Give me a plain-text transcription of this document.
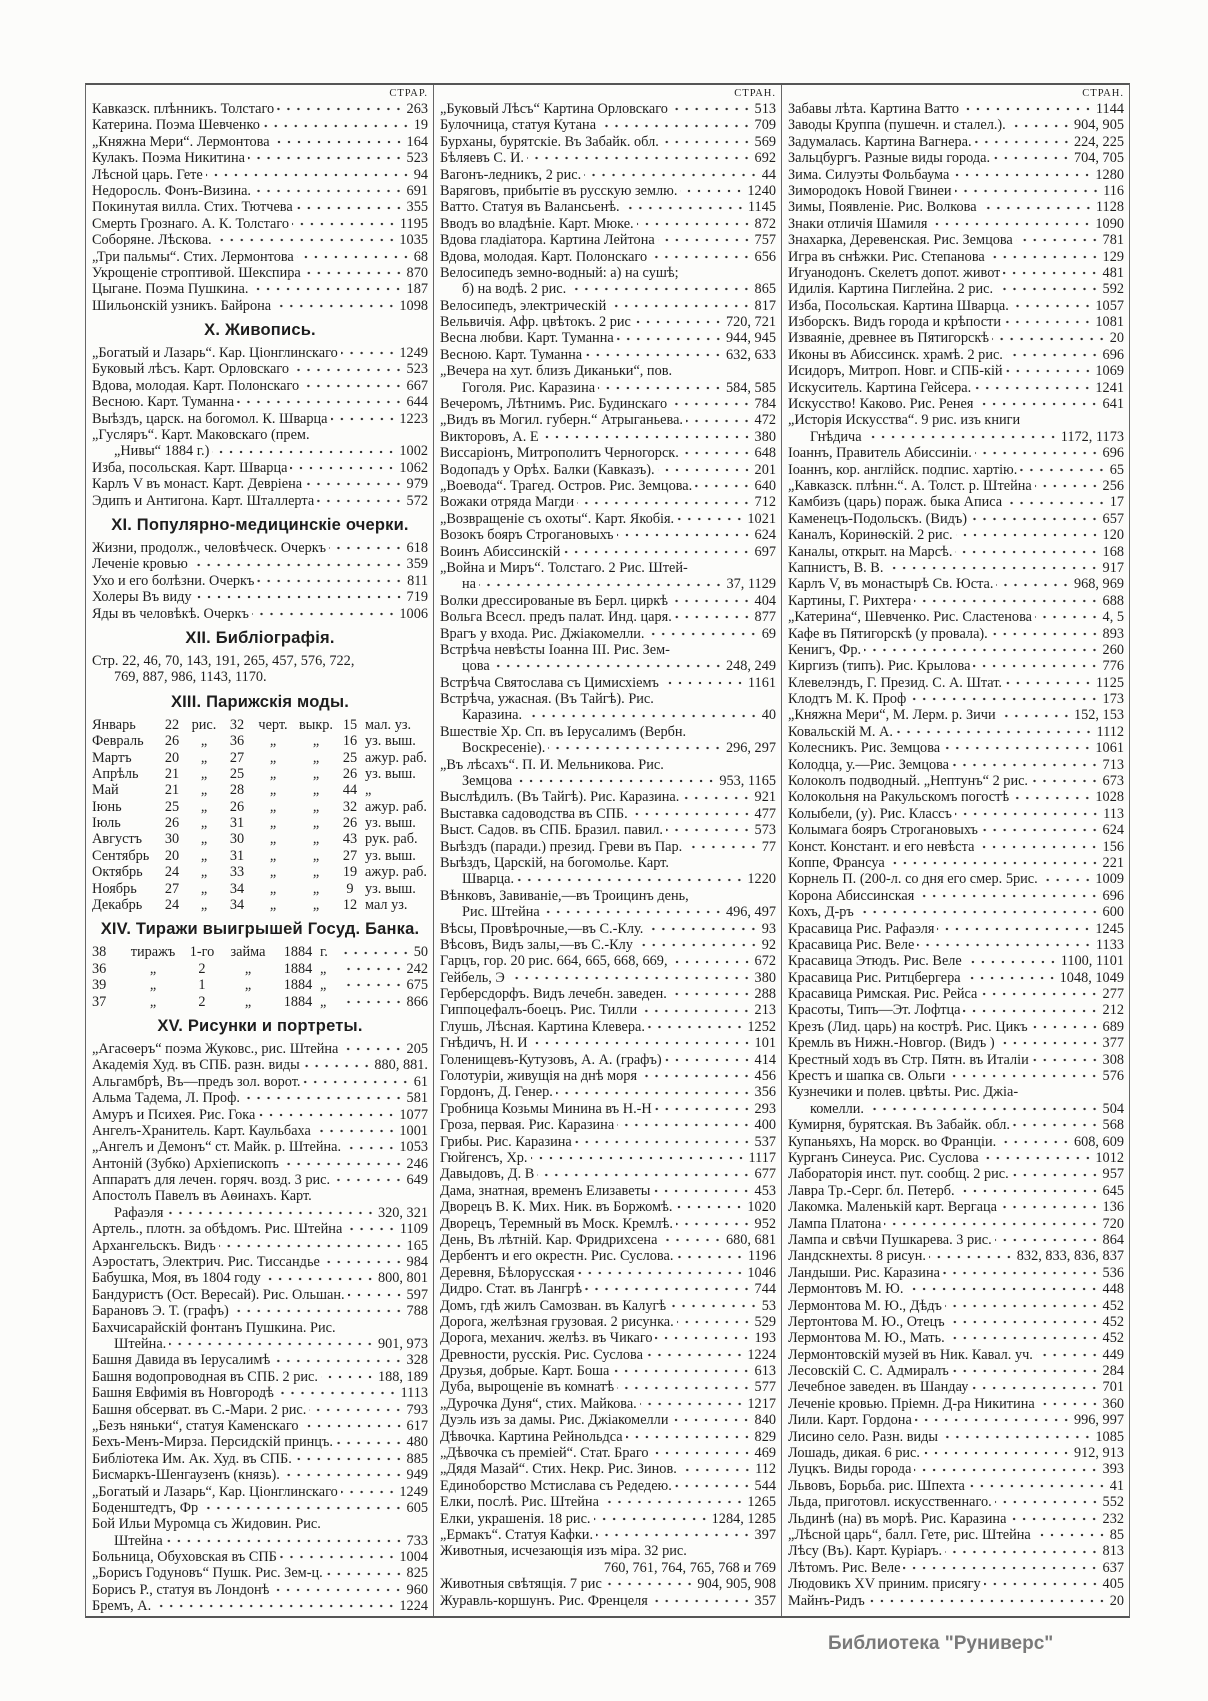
СТРАР.
Кавказск. плѣнникъ. Толстаго	263
Катерина. Поэма Шевченко	19
„Княжна Мери“. Лермонтова	164
Кулакъ. Поэма Никитина	523
Лѣсной царь. Гете	94
Недоросль. Фонъ-Визина.	691
Покинутая вилла. Стих. Тютчева	355
Смерть Грознаго. А. К. Толстаго	1195
Соборяне. Лѣскова.	1035
„Три пальмы“. Стих. Лермонтова	68
Укрощеніе строптивой. Шекспира	870
Цыгане. Поэма Пушкина.	187
Шильонскій узникъ. Байрона	1098
X. Живопись.
„Богатый и Лазарь“. Кар. Ціонглинскаго	1249
Буковый лѣсъ. Карт. Орловскаго	523
Вдова, молодая. Карт. Полонскаго	667
Весною. Карт. Туманна	644
Выѣздъ, царск. на богомол. К. Шварца	1223
„Гусляръ“. Карт. Маковскаго (прем.
„Нивы“ 1884 г.)	1002
Изба, посольская. Карт. Шварца	1062
Карлъ V въ монаст. Карт. Девріена	979
Эдипъ и Антигона. Карт. Шталлерта	572
XI. Популярно-медицинскіе очерки.
Жизни, продолж., человѣческ. Очеркъ	618
Леченіе кровью	359
Ухо и его болѣзни. Очеркъ	811
Холеры Въ виду	719
Яды въ человѣкѣ. Очеркъ	1006
XII. Библіографія.
Стр. 22, 46, 70, 143, 191, 265, 457, 576, 722,
769, 887, 986, 1143, 1170.
XIII. Парижскія моды.
Январь	22 рис. 32 черт. выкр. 15 мал. уз.
Февраль	26	„	36	„	„	16 уз. выш.
Мартъ	20	„	27	„	„	25 ажур. раб.
Апрѣль	21	„	25	„	„	26 уз. выш.
Май	21	„	28	„	„	44 „
Іюнь	25	„	26	„	„	32 ажур. раб.
Іюль	26	„	31	„	„	26 уз. выш.
Августъ	30	„	30	„	„	43 рук. раб.
Сентябрь	20	„	31	„	„	27 уз. выш.
Октябрь	24	„	33	„	„	19 ажур. раб.
Ноябрь	27	„	34	„	„	9 уз. выш.
Декабрь	24	„	34	„	„	12 мал уз.
XIV. Тиражи выигрышей Госуд. Банка.
38	тиражъ	1-го	займа	1884 г.	50
36	„	2	„	1884 „	242
39	„	1	„	1884 „	675
37	„	2	„	1884 „	866
XV. Рисунки и портреты.
„Агасѳеръ“ поэма Жуковс., рис. Штейна	205
Академія Худ. въ СПБ. разн. виды	880, 881.
Альгамбрѣ, Въ—предъ зол. ворот.	61
Альма Тадема, Л. Проф.	581
Амуръ и Психея. Рис. Гока	1077
Ангелъ-Хранитель. Карт. Каульбаха	1001
„Ангелъ и Демонъ“ ст. Майк. р. Штейна.	1053
Антоній (Зубко) Архіепископъ	246
Аппаратъ для лечен. горяч. возд. 3 рис.	649
Апостолъ Павелъ въ Аѳинахъ. Карт.
Рафаэля	320, 321
Артель., плотн. за обѣдомъ. Рис. Штейна	1109
Архангельскъ. Видъ	165
Аэростатъ, Электрич. Рис. Тиссандье	984
Бабушка, Моя, въ 1804 году	800, 801
Бандуристъ (Ост. Вересай). Рис. Ольшан.	597
Барановъ Э. Т. (графъ)	788
Бахчисарайскій фонтанъ Пушкина. Рис.
Штейна.	901, 973
Башня Давида въ Іерусалимѣ	328
Башня водопроводная въ СПБ. 2 рис.	188, 189
Башня Евфимія въ Новгородѣ	1113
Башня обсерват. въ С.-Мари. 2 рис.	793
„Безъ няньки“, статуя Каменскаго	617
Бехъ-Менъ-Мирза. Персидскій принцъ.	480
Библіотека Им. Ак. Худ. въ СПБ.	885
Бисмаркъ-Шенгаузенъ (князь).	949
„Богатый и Лазарь“, Кар. Ціонглинскаго	1249
Боденштедтъ, Фр	605
Бой Ильи Муромца съ Жидовин. Рис.
Штейна	733
Больница, Обуховская въ СПБ	1004
„Борисъ Годуновъ“ Пушк. Рис. Зем-ц.	825
Борисъ Р., статуя въ Лондонѣ	960
Бремъ, А.	1224
СТРАН.
„Буковый Лѣсъ“ Картина Орловскаго	513
Булочница, статуя Кутана	709
Бурханы, бурятскіе. Въ Забайк. обл.	569
Бѣляевъ С. И.	692
Вагонъ-ледникъ, 2 рис.	44
Варяговъ, прибытіе въ русскую землю.	1240
Ватто. Статуя въ Валансьенѣ.	1145
Вводъ во владѣніе. Карт. Мюке.	872
Вдова гладіатора. Картина Лейтона	757
Вдова, молодая. Карт. Полонскаго	656
Велосипедъ земно-водный: а) на сушѣ;
б) на водѣ. 2 рис.	865
Велосипедъ, электрическій	817
Вельвичія. Афр. цвѣтокъ. 2 рис	720, 721
Весна любви. Карт. Туманна	944, 945
Весною. Карт. Туманна	632, 633
„Вечера на хут. близъ Диканьки“, пов.
Гоголя. Рис. Каразина	584, 585
Вечеромъ, Лѣтнимъ. Рис. Будинскаго	784
„Видъ въ Могил. губерн.“ Атрыганьева.	472
Викторовъ, А. Е	380
Виссаріонъ, Митрополитъ Черногорск.	648
Водопадъ у Орѣх. Балки (Кавказъ).	201
„Воевода“. Трагед. Остров. Рис. Земцова.	640
Вожаки отряда Магди	712
„Возвращеніе съ охоты“. Карт. Якобія.	1021
Возокъ бояръ Строгановыхъ	624
Воинъ Абиссинскій	697
„Война и Миръ“. Толстаго. 2 Рис. Штей-
на	37, 1129
Волки дрессированые въ Берл. циркѣ	404
Вольга Всесл. предъ палат. Инд. царя.	877
Врагъ у входа. Рис. Джіакомелли.	69
Встрѣча невѣсты Іоанна III. Рис. Зем-
цова	248, 249
Встрѣча Святослава съ Цимисхіемъ	1161
Встрѣча, ужасная. (Въ Тайгѣ). Рис.
Каразина.	40
Вшествіе Хр. Сп. въ Іерусалимъ (Вербн.
Воскресеніе).	296, 297
„Въ лѣсахъ“. П. И. Мельникова. Рис.
Земцова	953, 1165
Выслѣдилъ. (Въ Тайгѣ). Рис. Каразина.	921
Выставка садоводства въ СПБ.	477
Выст. Садов. въ СПБ. Бразил. павил.	573
Выѣздъ (паради.) презид. Греви въ Пар.	77
Выѣздъ, Царскій, на богомолье. Карт.
Шварца.	1220
Вѣнковъ, Завиваніе,—въ Троицинъ день,
Рис. Штейна	496, 497
Вѣсы, Провѣрочные,—въ С.-Клу.	93
Вѣсовъ, Видъ залы,—въ С.-Клу	92
Гарцъ, гор. 20 рис. 664, 665, 668, 669,	672
Гейбель, Э	380
Герберсдорфъ. Видъ лечебн. заведен.	288
Гиппоцефалъ-боецъ. Рис. Тилли	213
Глушь, Лѣсная. Картина Клевера.	1252
Гнѣдичъ, Н. И	101
Голенищевъ-Кутузовъ, А. А. (графъ)	414
Голотуріи, живущія на днѣ моря	456
Гордонъ, Д. Генер.	356
Гробница Козьмы Минина въ Н.-Н	293
Гроза, первая. Рис. Каразина	400
Грибы. Рис. Каразина	537
Гюйгенсъ, Хр.	1117
Давыдовъ, Д. В	677
Дама, знатная, временъ Елизаветы	453
Дворецъ В. К. Мих. Ник. въ Боржомѣ.	1020
Дворецъ, Теремный въ Моск. Кремлѣ.	952
День, Въ лѣтній. Кар. Фридрихсена	680, 681
Дербентъ и его окрестн. Рис. Суслова.	1196
Деревня, Бѣлорусская	1046
Дидро. Стат. въ Лангрѣ	744
Домъ, гдѣ жилъ Самозван. въ Калугѣ	53
Дорога, желѣзная грузовая. 2 рисунка.	529
Дорога, механич. желѣз. въ Чикаго	193
Древности, русскія. Рис. Суслова	1224
Друзья, добрые. Карт. Боша	613
Дуба, вырощеніе въ комнатѣ	577
„Дурочка Дуня“, стих. Майкова.	1217
Дуэль изъ за дамы. Рис. Джіакомелли	840
Дѣвочка. Картина Рейнольдса	829
„Дѣвочка съ преміей“. Стат. Браго	469
„Дядя Мазай“. Стих. Некр. Рис. Зинов.	112
Единоборство Мстислава съ Редедею.	544
Елки, послѣ. Рис. Штейна	1265
Елки, украшенія. 18 рис.	1284, 1285
„Ермакъ“. Статуя Кафки.	397
Животныя, исчезающія изъ міра. 32 рис.
760, 761, 764, 765, 768 и 769
Животныя свѣтящія. 7 рис	904, 905, 908
Журавль-коршунъ. Рис. Френцеля	357
СТРАН.
Забавы лѣта. Картина Ватто	1144
Заводы Круппа (пушечн. и сталел.).	904, 905
Задумалась. Картина Вагнера.	224, 225
Зальцбургъ. Разные виды города.	704, 705
Зима. Силуэты Фольбаума	1280
Зимородокъ Новой Гвинеи	116
Зимы, Появленіе. Рис. Волкова	1128
Знаки отличія Шамиля	1090
Знахарка, Деревенская. Рис. Земцова	781
Игра въ снѣжки. Рис. Степанова	129
Игуанодонъ. Скелетъ допот. живот	481
Идилія. Картина Пиглейна. 2 рис.	592
Изба, Посольская. Картина Шварца.	1057
Изборскъ. Видъ города и крѣпости	1081
Изваяніе, древнее въ Пятигорскѣ	20
Иконы въ Абиссинск. храмѣ. 2 рис.	696
Исидоръ, Митроп. Новг. и СПБ-кій	1069
Искуситель. Картина Гейсера.	1241
Искусство! Каково. Рис. Ренея	641
„Исторія Искусства“. 9 рис. изъ книги
Гнѣдича	1172, 1173
Іоаннъ, Правитель Абиссиніи.	696
Іоаннъ, кор. англійск. подпис. хартію.	65
„Кавказск. плѣнн.“. А. Толст. р. Штейна	256
Камбизъ (царь) пораж. быка Аписа	17
Каменецъ-Подольскъ. (Видъ)	657
Каналъ, Коринѳскій. 2 рис.	120
Каналы, открыт. на Марсѣ.	168
Капнистъ, В. В.	917
Карлъ V, въ монастырѣ Св. Юста.	968, 969
Картины, Г. Рихтера	688
„Катерина“, Шевченко. Рис. Сластенова	4, 5
Кафе въ Пятигорскѣ (у провала).	893
Кенигъ, Фр.	260
Киргизъ (типъ). Рис. Крылова	776
Клевелэндъ, Г. Презид. С. А. Штат.	1125
Клодтъ М. К. Проф	173
„Княжна Мери“, М. Лерм. р. Зичи	152, 153
Ковальскій М. А.	1112
Колесникъ. Рис. Земцова	1061
Колодца, у.—Рис. Земцова	713
Колоколъ подводный. „Нептунъ“ 2 рис.	673
Колокольня на Ракульскомъ погостѣ	1028
Колыбели, (у). Рис. Классъ	113
Колымага бояръ Строгановыхъ	624
Конст. Констант. и его невѣста	156
Коппе, Франсуа	221
Корнель П. (200-л. со дня его смер. 5рис.	1009
Корона Абиссинская	696
Кохъ, Д-ръ	600
Красавица Рис. Рафаэля	1245
Красавица Рис. Веле	1133
Красавица Этюдъ. Рис. Веле	1100, 1101
Красавица Рис. Ритцбергера	1048, 1049
Красавица Римская. Рис. Рейса	277
Красоты, Типъ—Эт. Лофтца	212
Крезъ (Лид. царь) на кострѣ. Рис. Цикъ	689
Кремль въ Нижн.-Новгор. (Видъ )	377
Крестный ходъ въ Стр. Пятн. въ Италіи	308
Крестъ и шапка св. Ольги	576
Кузнечики и полев. цвѣты. Рис. Джіа-
комелли.	504
Кумирня, бурятская. Въ Забайк. обл.	568
Купаньяхъ, На морск. во Франціи.	608, 609
Курганъ Синеуса. Рис. Суслова	1012
Лабораторія инст. пут. сообщ. 2 рис.	957
Лавра Тр.-Серг. бл. Петерб.	645
Лакомка. Маленькій карт. Вергаца	136
Лампа Платона	720
Лампа и свѣчи Пушкарева. 3 рис.	864
Ландскнехты. 8 рисун.	832, 833, 836, 837
Ландыши. Рис. Каразина	536
Лермонтовъ М. Ю.	448
Лермонтова М. Ю., Дѣдъ	452
Лертонтова М. Ю., Отецъ	452
Лермонтова М. Ю., Мать.	452
Лермонтовскій музей въ Ник. Кавал. уч.	449
Лесовскій С. С. Адмиралъ	284
Лечебное заведен. въ Шандау	701
Леченіе кровью. Пріемн. Д-ра Никитина	360
Лили. Карт. Гордона	996, 997
Лисино село. Разн. виды	1085
Лошадь, дикая. 6 рис.	912, 913
Луцкъ. Виды города	393
Львовъ, Борьба. рис. Шпехта	41
Льда, приготовл. искусственнаго.	552
Льдинѣ (на) въ морѣ. Рис. Каразина	232
„Лѣсной царь“, балл. Гете, рис. Штейна	85
Лѣсу (Въ). Карт. Куріаръ.	813
Лѣтомъ. Рис. Веле	637
Людовикъ XV приним. присягу	405
Майнъ-Ридъ	20
Библиотека "Руниверс"
